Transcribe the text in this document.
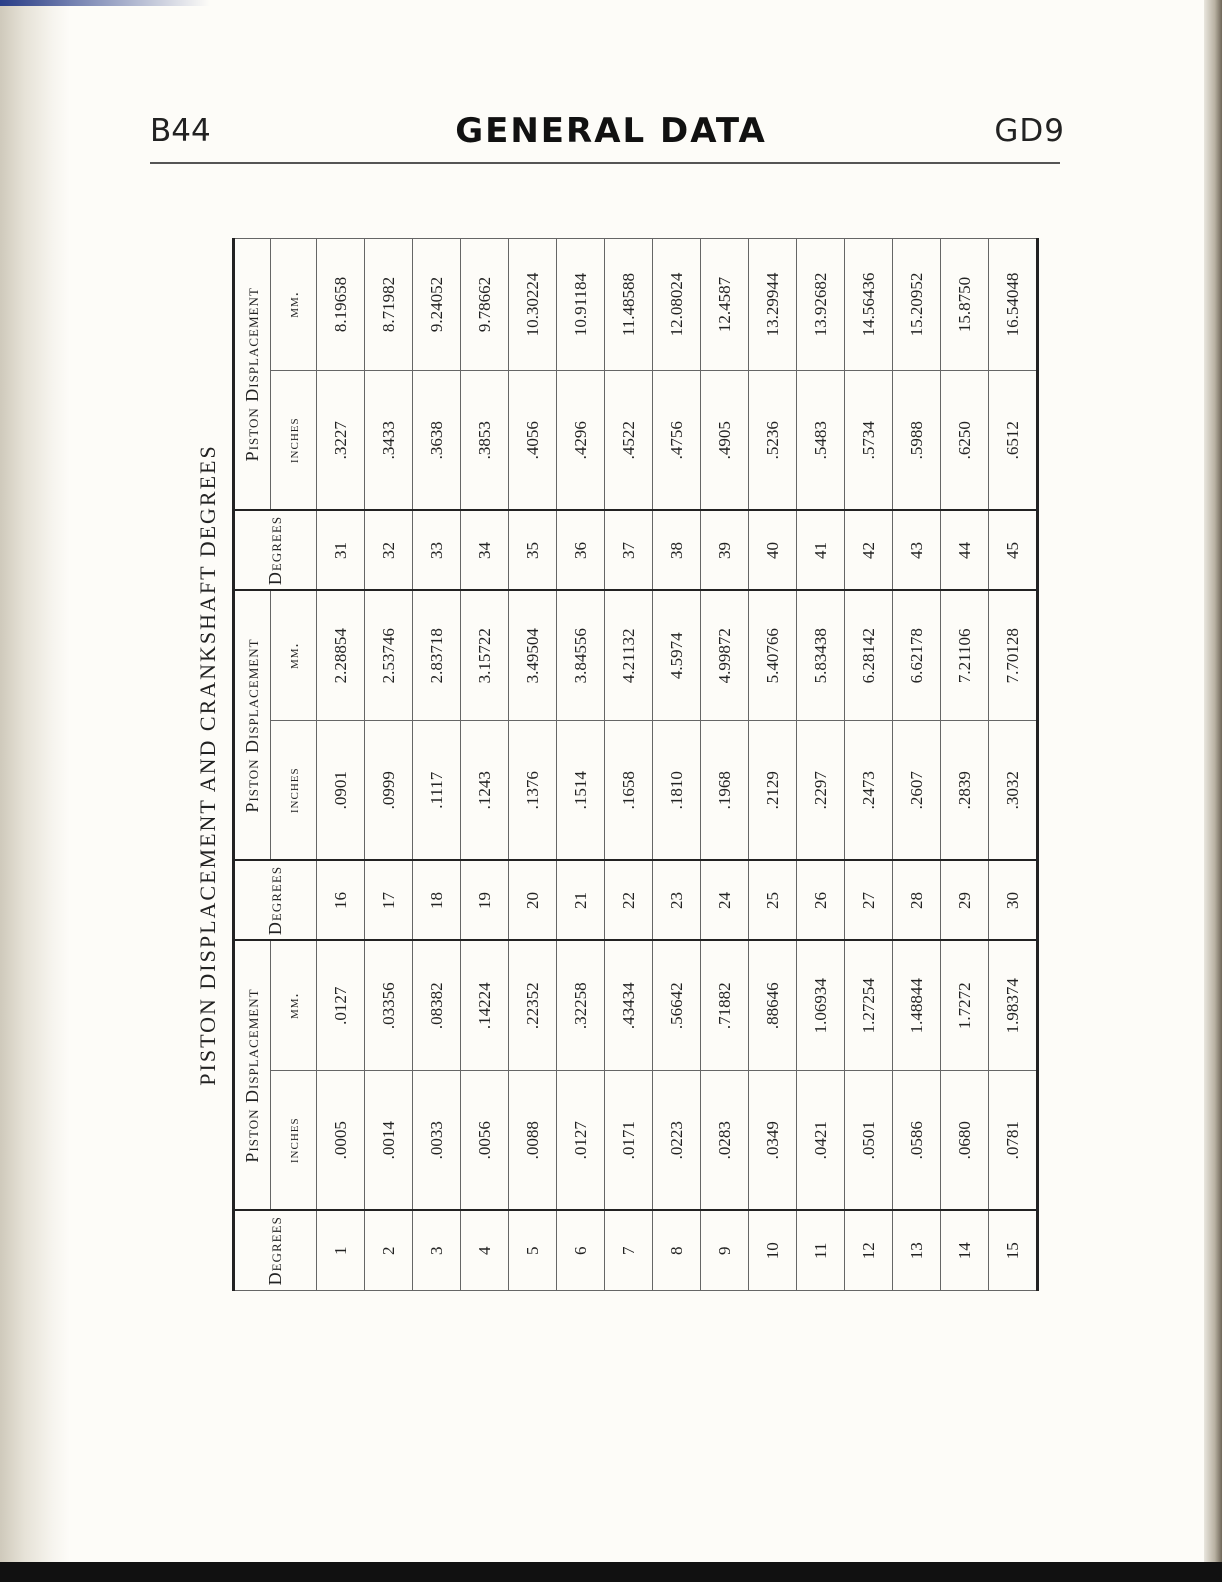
B44	GENERAL DATA	GD9
PISTON DISPLACEMENT AND CRANKSHAFT DEGREES
Degrees	Piston Displacement		Degrees	Piston Displacement		Degrees	Piston Displacement	
	inches	mm.		inches	mm.		inches	mm.
1	.0005	.0127	16	.0901	2.28854	31	.3227	8.19658
2	.0014	.03356	17	.0999	2.53746	32	.3433	8.71982
3	.0033	.08382	18	.1117	2.83718	33	.3638	9.24052
4	.0056	.14224	19	.1243	3.15722	34	.3853	9.78662
5	.0088	.22352	20	.1376	3.49504	35	.4056	10.30224
6	.0127	.32258	21	.1514	3.84556	36	.4296	10.91184
7	.0171	.43434	22	.1658	4.21132	37	.4522	11.48588
8	.0223	.56642	23	.1810	4.5974	38	.4756	12.08024
9	.0283	.71882	24	.1968	4.99872	39	.4905	12.4587
10	.0349	.88646	25	.2129	5.40766	40	.5236	13.29944
11	.0421	1.06934	26	.2297	5.83438	41	.5483	13.92682
12	.0501	1.27254	27	.2473	6.28142	42	.5734	14.56436
13	.0586	1.48844	28	.2607	6.62178	43	.5988	15.20952
14	.0680	1.7272	29	.2839	7.21106	44	.6250	15.8750
15	.0781	1.98374	30	.3032	7.70128	45	.6512	16.54048
